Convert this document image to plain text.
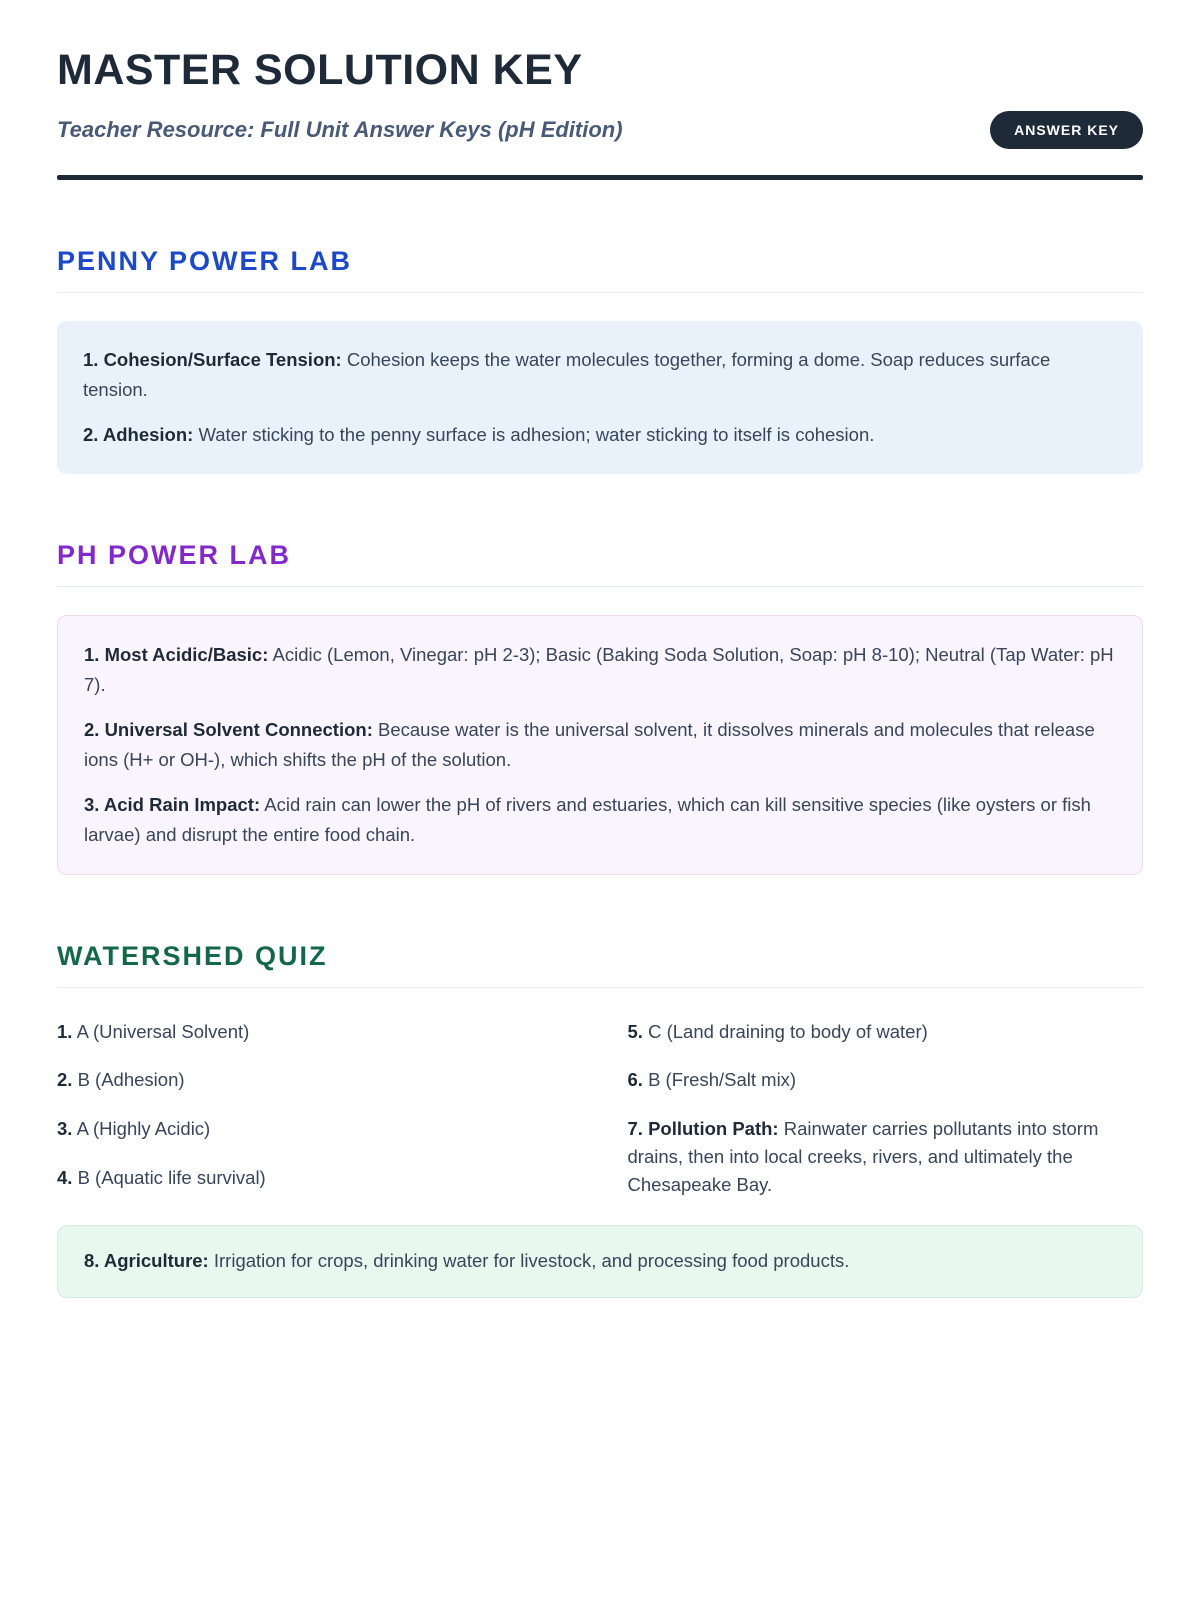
MASTER SOLUTION KEY

Teacher Resource: Full Unit Answer Keys (pH Edition)	ANSWER KEY
PENNY POWER LAB

1. Cohesion/Surface Tension: Cohesion keeps the water molecules together, forming a dome. Soap reduces surface tension.

2. Adhesion: Water sticking to the penny surface is adhesion; water sticking to itself is cohesion.

PH POWER LAB

1. Most Acidic/Basic: Acidic (Lemon, Vinegar: pH 2-3); Basic (Baking Soda Solution, Soap: pH 8-10); Neutral (Tap Water: pH 7).

2. Universal Solvent Connection: Because water is the universal solvent, it dissolves minerals and molecules that release ions (H+ or OH-), which shifts the pH of the solution.

3. Acid Rain Impact: Acid rain can lower the pH of rivers and estuaries, which can kill sensitive species (like oysters or fish larvae) and disrupt the entire food chain.

WATERSHED QUIZ

1. A (Universal Solvent)

2. B (Adhesion)

3. A (Highly Acidic)

4. B (Aquatic life survival)

5. C (Land draining to body of water)

6. B (Fresh/Salt mix)

7. Pollution Path: Rainwater carries pollutants into storm drains, then into local creeks, rivers, and ultimately the Chesapeake Bay.

8. Agriculture: Irrigation for crops, drinking water for livestock, and processing food products.
